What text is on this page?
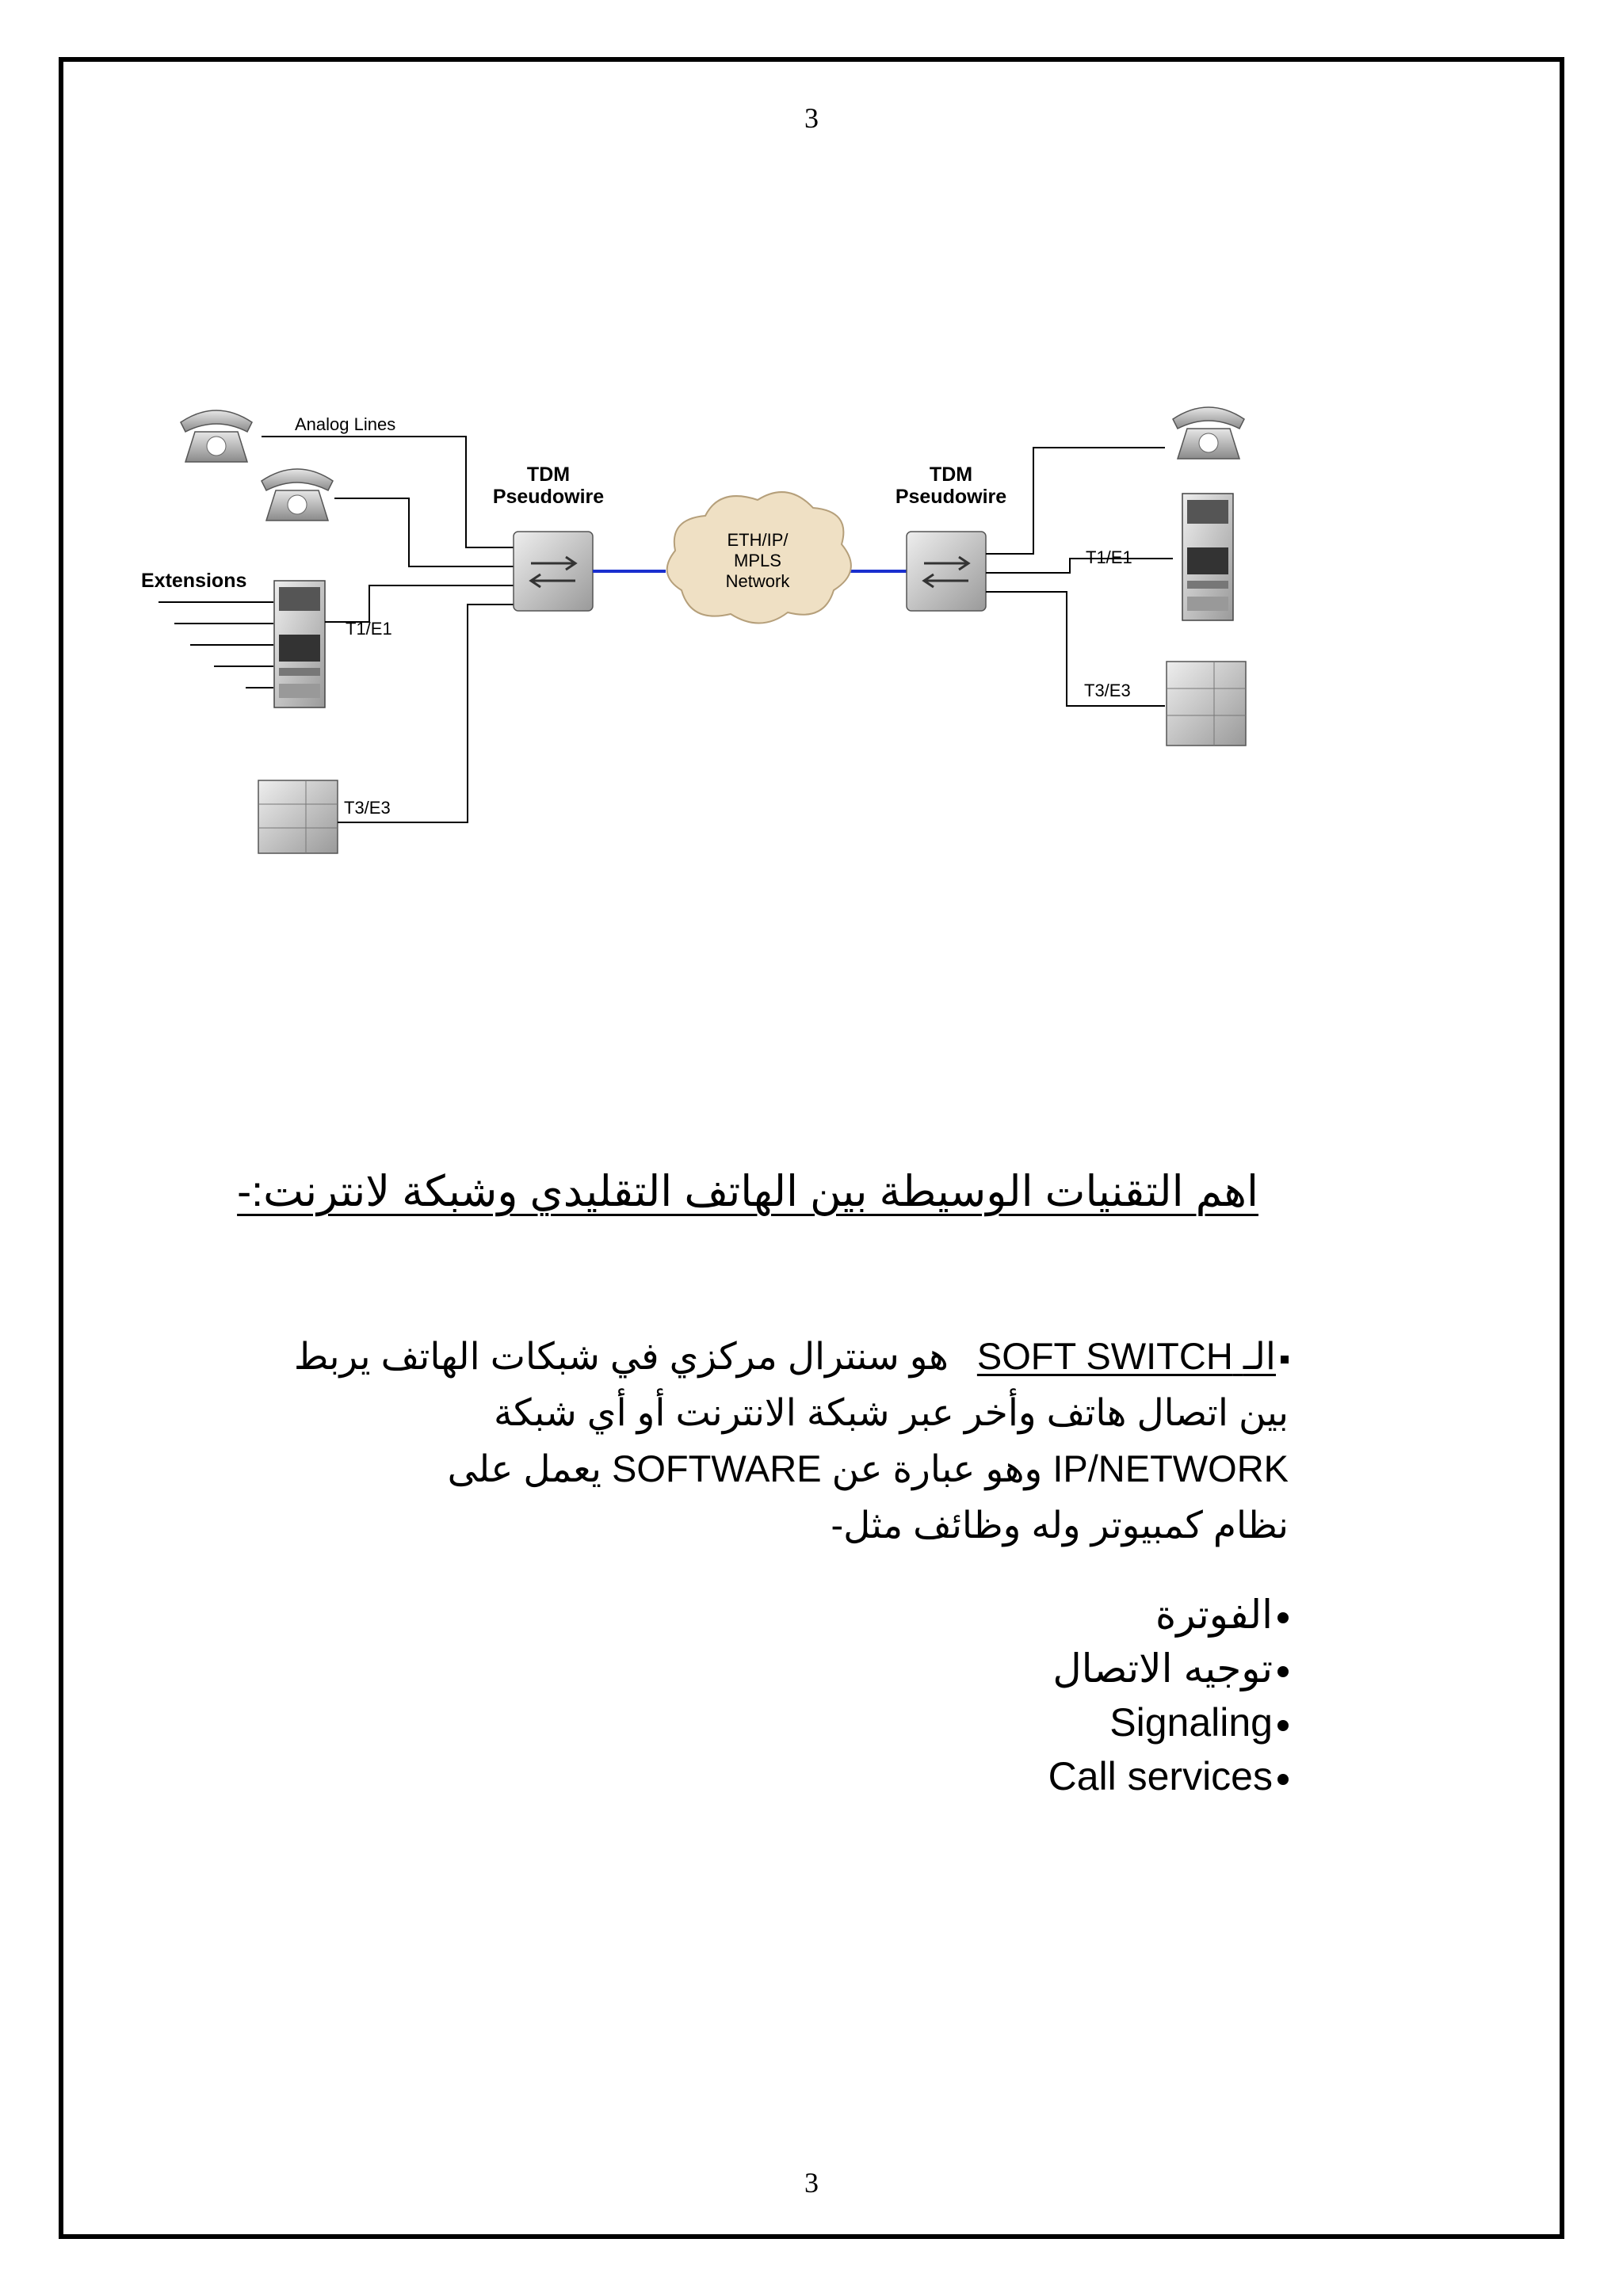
3
Analog Lines
Extensions
T1/E1
T3/E3
TDM
Pseudowire
ETH/IP/
MPLS
Network
TDM
Pseudowire
T1/E1
T3/E3
اهم التقنيات الوسيطة بين الهاتف التقليدي وشبكة لانترنت:-
الـ SOFT SWITCHهو سنترال مركزي في شبكات الهاتف يربط
بين اتصال هاتف وأخر عبر شبكة الانترنت أو أي شبكة
IP/NETWORK وهو عبارة عن SOFTWARE يعمل على
نظام كمبيوتر وله وظائف مثل-
الفوترة
توجيه الاتصال
Signaling
Call services
3
